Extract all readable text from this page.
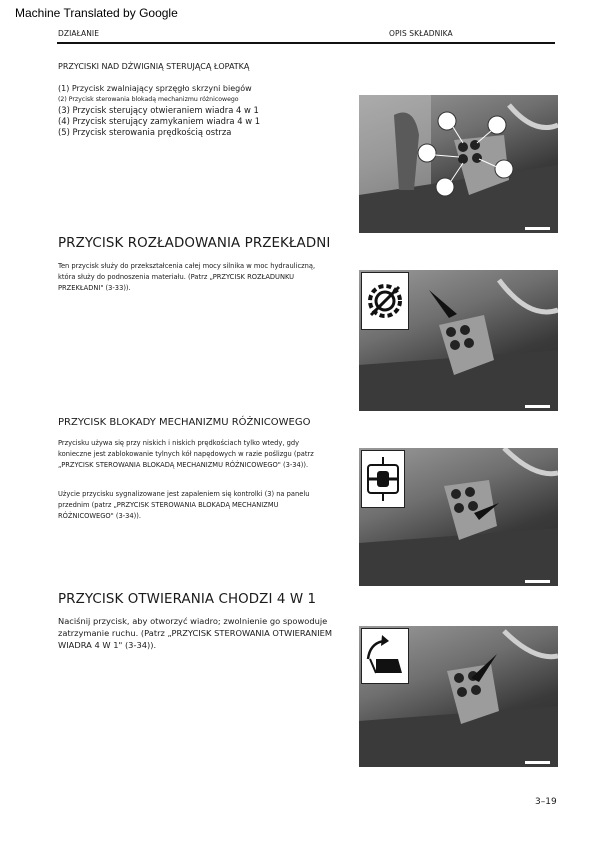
Machine Translated by Google
DZIAŁANIE	OPIS SKŁADNIKA
PRZYCISKI NAD DŹWIGNIĄ STERUJĄCĄ ŁOPATKĄ
(1) Przycisk zwalniający sprzęgło skrzyni biegów
(2) Przycisk sterowania blokadą mechanizmu różnicowego
(3) Przycisk sterujący otwieraniem wiadra 4 w 1
(4) Przycisk sterujący zamykaniem wiadra 4 w 1
(5) Przycisk sterowania prędkością ostrza
PRZYCISK ROZŁADOWANIA PRZEKŁADNI
Ten przycisk służy do przekształcenia całej mocy silnika w moc hydrauliczną,
która służy do podnoszenia materiału. (Patrz „PRZYCISK ROZŁADUNKU
PRZEKŁADNI" (3-33)).
PRZYCISK BLOKADY MECHANIZMU RÓŻNICOWEGO
Przycisku używa się przy niskich i niskich prędkościach tylko wtedy, gdy
konieczne jest zablokowanie tylnych kół napędowych w razie poślizgu (patrz
„PRZYCISK STEROWANIA BLOKADĄ MECHANIZMU RÓŻNICOWEGO" (3-34)).
Użycie przycisku sygnalizowane jest zapaleniem się kontrolki (3) na panelu
przednim (patrz „PRZYCISK STEROWANIA BLOKADĄ MECHANIZMU
RÓŻNICOWEGO" (3-34)).
PRZYCISK OTWIERANIA CHODZI 4 W 1
Naciśnij przycisk, aby otworzyć wiadro; zwolnienie go spowoduje
zatrzymanie ruchu. (Patrz „PRZYCISK STEROWANIA OTWIERANIEM
WIADRA 4 W 1" (3-34)).
3–19
